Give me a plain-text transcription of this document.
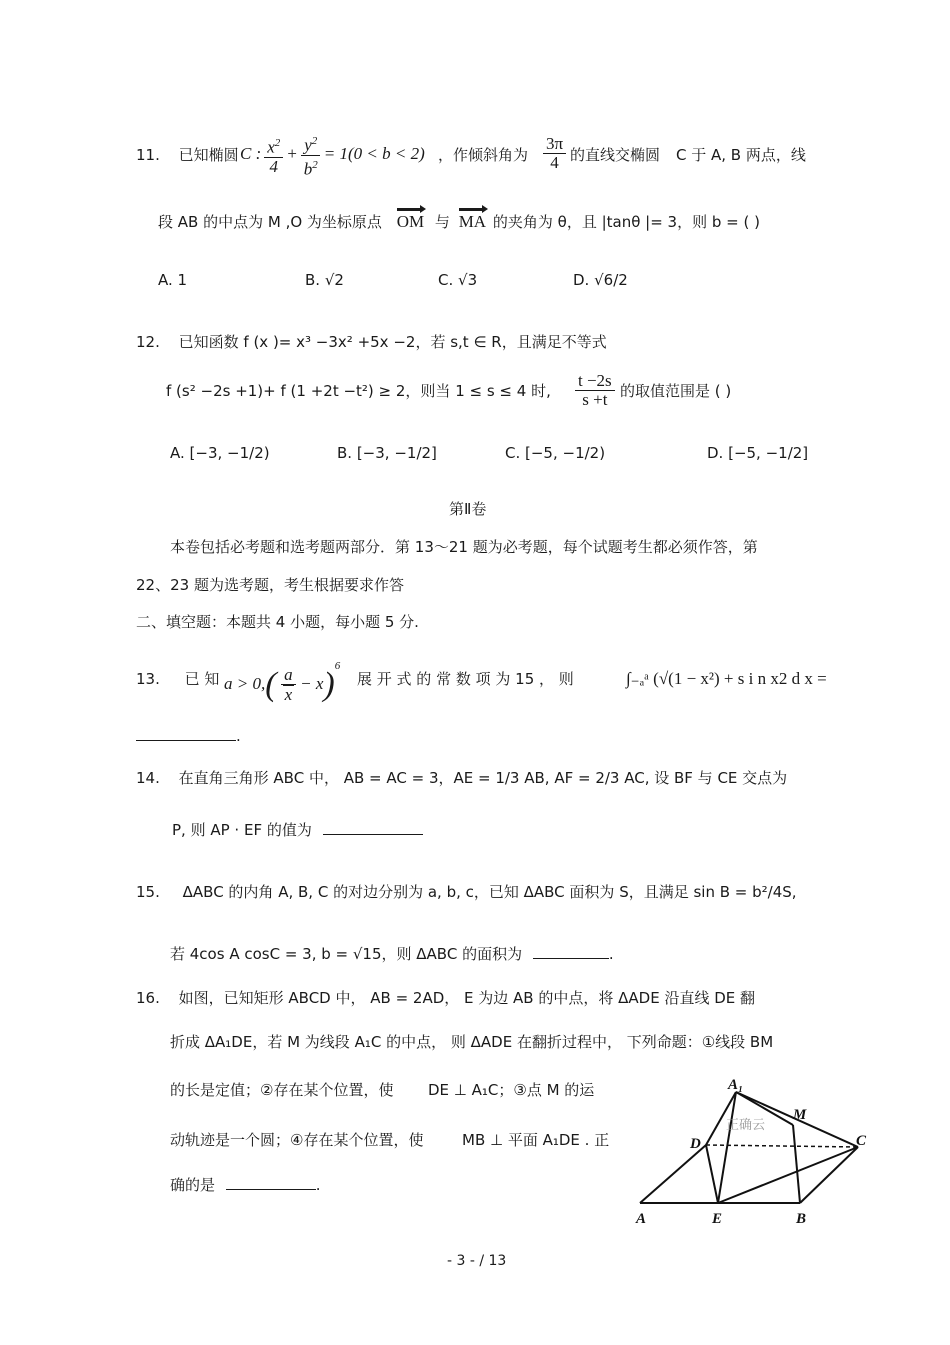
11. 已知椭圆 C : $\frac{x^2}{4} + \frac{y^2}{b^2} = 1(0 < b < 2)$ ，作倾斜角为 $\frac{3\pi}{4}$ 的直线交椭圆 C 于 A, B 两点，线
段 AB 的中点为 M ,O 为坐标原点 OM 与 MA 的夹角为 θ，且 |tanθ |= 3，则 b = ( )
A. 1	B. √2	C. √3	D. √6/2
12. 已知函数 f (x )= x³ −3x² +5x −2，若 s,t ∈ R，且满足不等式
f (s² −2s +1)+ f (1 +2t −t²) ≥ 2，则当 1 ≤ s ≤ 4 时, $\frac{t -2s}{s +t}$ 的取值范围是 ( )
A. [−3, −1/2)	B. [−3, −1/2]	C. [−5, −1/2)	D. [−5, −1/2]
第Ⅱ卷
本卷包括必考题和选考题两部分．第 13～21 题为必考题，每个试题考生都必须作答，第
22、23 题为选考题，考生根据要求作答
二、填空题：本题共 4 小题，每小题 5 分.
13. 已 知 $a > 0,( \frac{a}{x} - x)^6$
展 开 式 的 常 数 项 为 15 ， 则	∫₋ₐᵃ (√(1 − x²) + s i n x2 d x =
.
14. 在直角三角形 ABC 中， AB = AC = 3，AE = 1/3 AB, AF = 2/3 AC, 设 BF 与 CE 交点为
P, 则 AP · EF 的值为
15. ΔABC 的内角 A, B, C 的对边分别为 a, b, c，已知 ΔABC 面积为 S，且满足 sin B = b²/4S,
若 4cos A cosC = 3, b = √15，则 ΔABC 的面积为	.
16. 如图，已知矩形 ABCD 中， AB = 2AD， E 为边 AB 的中点，将 ΔADE 沿直线 DE 翻
折成 ΔA₁DE，若 M 为线段 A₁C 的中点， 则 ΔADE 在翻折过程中， 下列命题：①线段 BM
的长是定值；②存在某个位置，使 DE ⊥ A₁C；③点 M 的运
动轨迹是一个圆；④存在某个位置，使	MB ⊥ 平面 A₁DE . 正
确的是	.
A₁
M
D	C
A	E	B
正确云
- 3 - / 13
